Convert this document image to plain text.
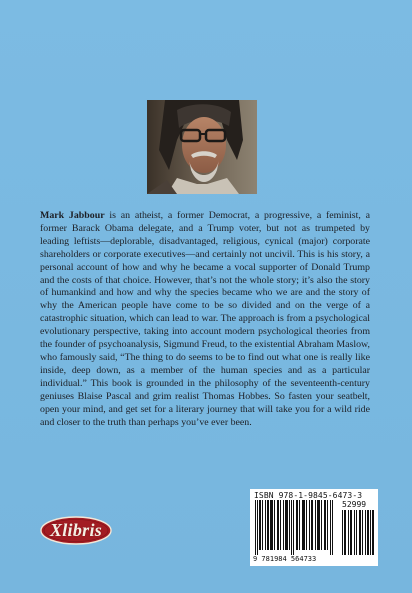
Mark Jabbour is an atheist, a former Democrat, a progressive, a feminist, a former Barack Obama delegate, and a Trump voter, but not as trumpeted by leading leftists—deplorable, disadvantaged, religious, cynical (major) corporate shareholders or corporate executives—and certainly not uncivil. This is his story, a personal account of how and why he became a vocal supporter of Donald Trump and the costs of that choice. However, that’s not the whole story; it’s also the story of humankind and how and why the species became who we are and the story of why the American people have come to be so divided and on the verge of a catastrophic situation, which can lead to war. The approach is from a psychological evolutionary perspective, taking into account modern psychological theories from the founder of psychoanalysis, Sigmund Freud, to the existential Abraham Maslow, who famously said, “The thing to do seems to be to find out what one is really like inside, deep down, as a member of the human species and as a particular individual.” This book is grounded in the philosophy of the seventeenth-century geniuses Blaise Pascal and grim realist Thomas Hobbes. So fasten your seatbelt, open your mind, and get set for a literary journey that will take you for a wild ride and closer to the truth than perhaps you’ve ever been.

Xlibris
ISBN 978-1-9845-6473-3
52999
9 781984 564733
